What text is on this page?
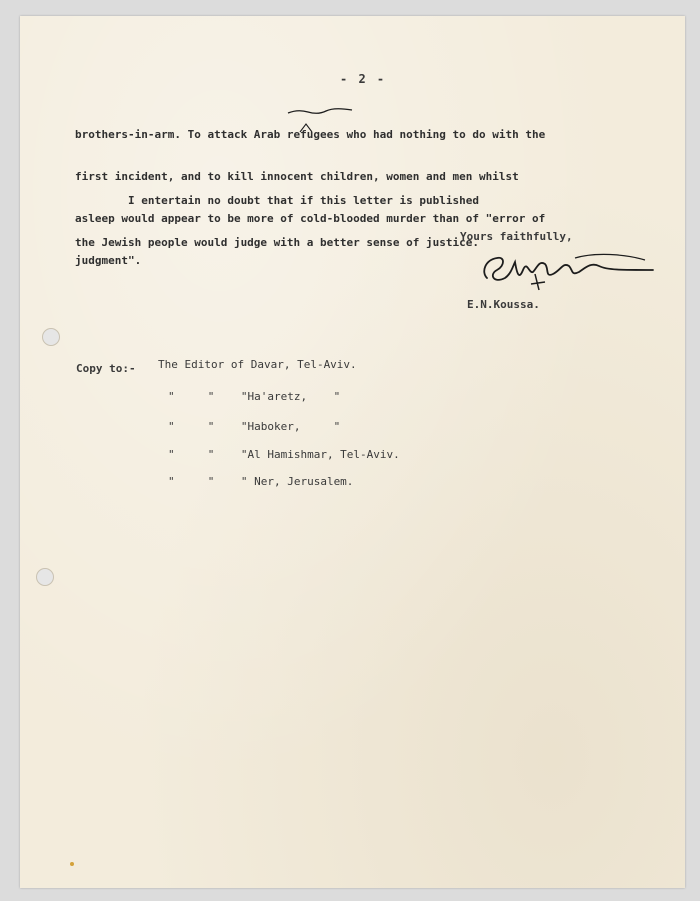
- 2 -

brothers-in-arm. To attack Arab refugees who had nothing to do with the

first incident, and to kill innocent children, women and men whilst

asleep would appear to be more of cold-blooded murder than of "error of

judgment".

I entertain no doubt that if this letter is published

the Jewish people would judge with a better sense of justice.

Yours faithfully,
E.N.Koussa.
Copy to:- The Editor of Davar, Tel-Aviv.
"     "    "Ha'aretz,    "
"     "    "Haboker,     "
"     "    "Al Hamishmar, Tel-Aviv.
"     "    " Ner, Jerusalem.
